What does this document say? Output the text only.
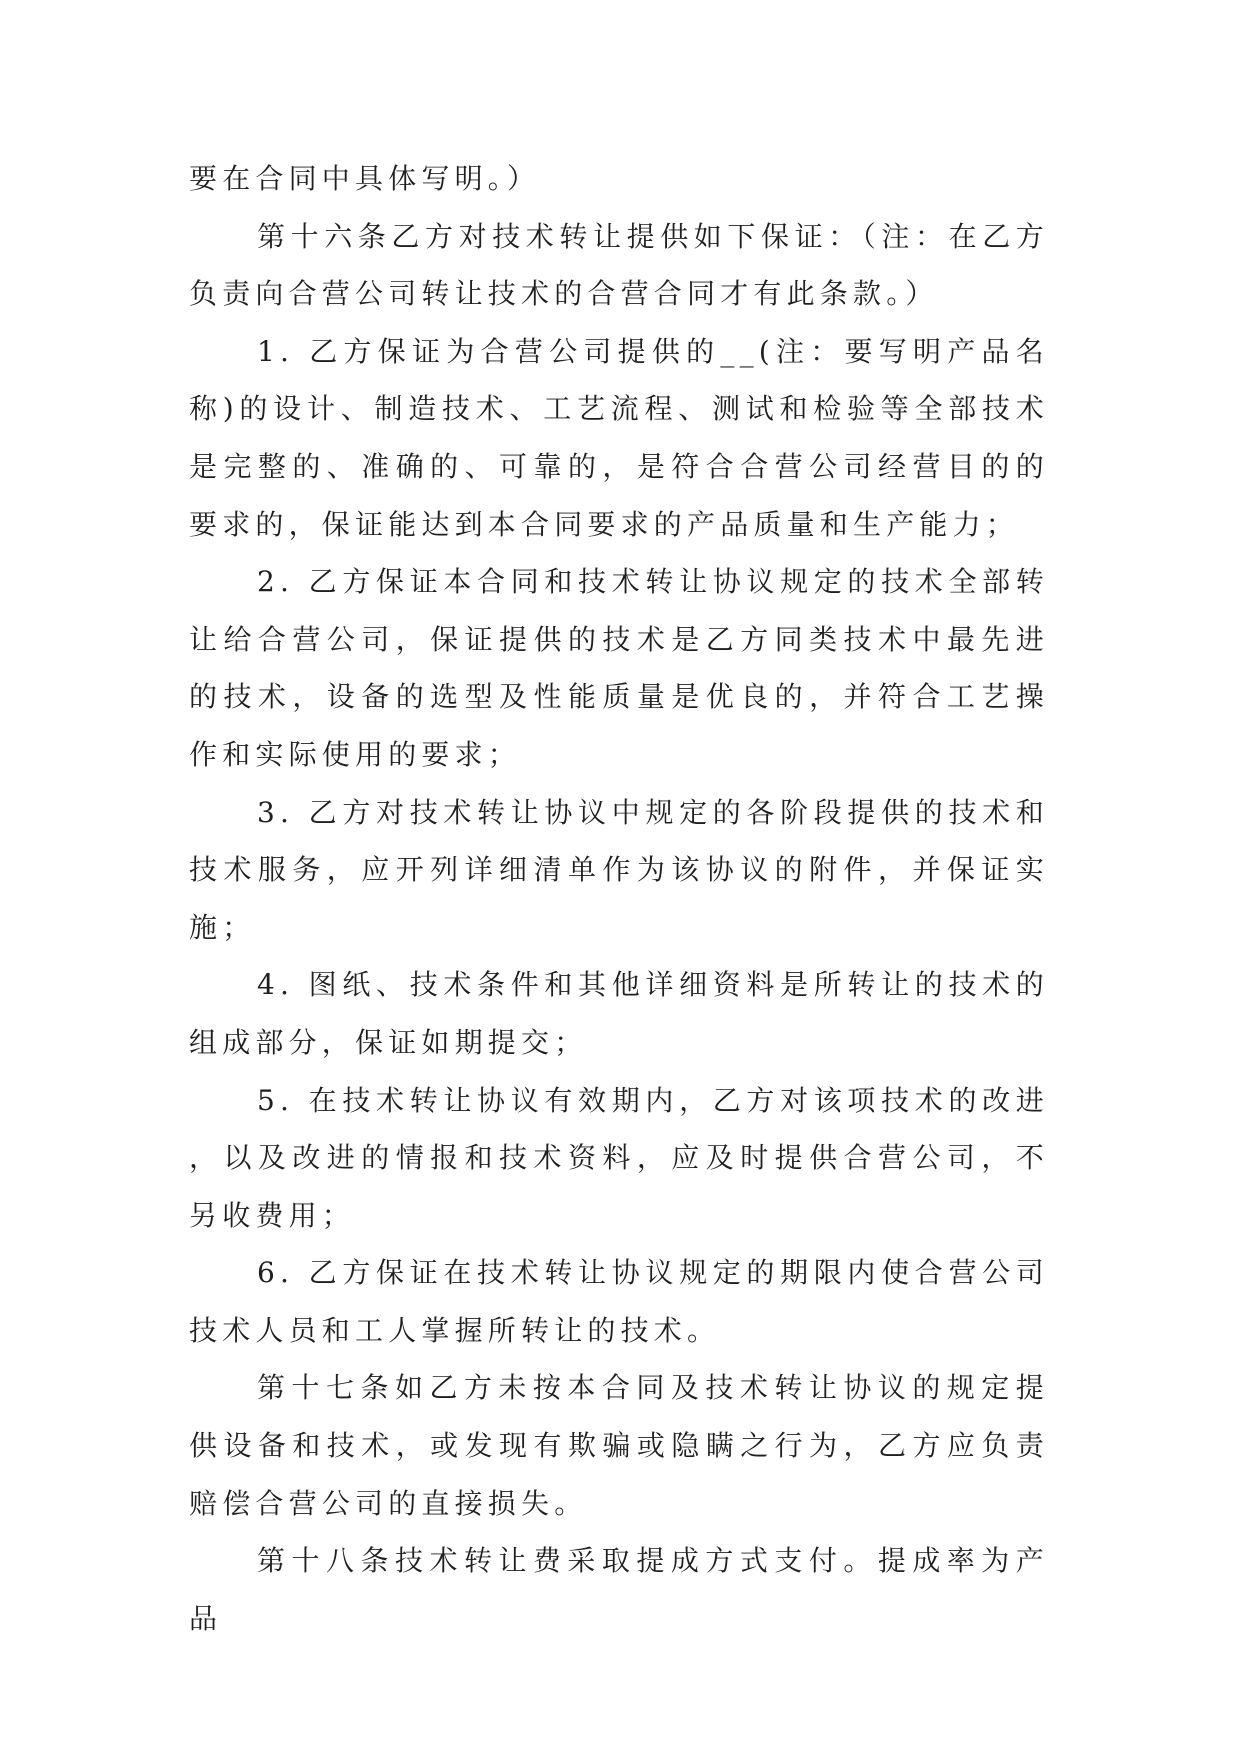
要在合同中具体写明。）

第十六条乙方对技术转让提供如下保证：（注：在乙方负责向合营公司转让技术的合营合同才有此条款。）

1. 乙方保证为合营公司提供的__(注：要写明产品名称)的设计、制造技术、工艺流程、测试和检验等全部技术是完整的、准确的、可靠的，是符合合营公司经营目的的要求的，保证能达到本合同要求的产品质量和生产能力；

2. 乙方保证本合同和技术转让协议规定的技术全部转让给合营公司，保证提供的技术是乙方同类技术中最先进的技术，设备的选型及性能质量是优良的，并符合工艺操作和实际使用的要求；

3. 乙方对技术转让协议中规定的各阶段提供的技术和技术服务，应开列详细清单作为该协议的附件，并保证实施；

4. 图纸、技术条件和其他详细资料是所转让的技术的组成部分，保证如期提交；

5. 在技术转让协议有效期内，乙方对该项技术的改进，以及改进的情报和技术资料，应及时提供合营公司，不另收费用；

6. 乙方保证在技术转让协议规定的期限内使合营公司技术人员和工人掌握所转让的技术。

第十七条如乙方未按本合同及技术转让协议的规定提供设备和技术，或发现有欺骗或隐瞒之行为，乙方应负责赔偿合营公司的直接损失。

第十八条技术转让费采取提成方式支付。提成率为产品
